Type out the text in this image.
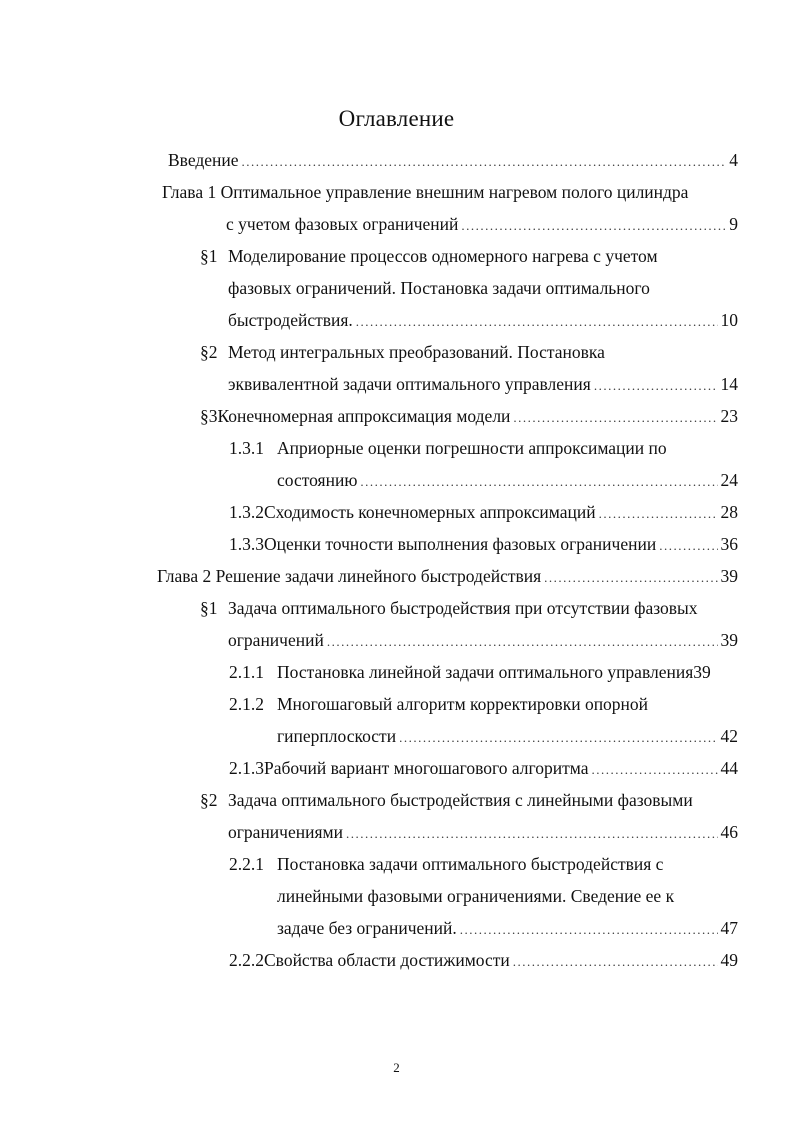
Оглавление
Введение .....	4
Глава 1 Оптимальное управление внешним нагревом полого цилиндра
с учетом фазовых ограничений .....	9
§1 Моделирование процессов одномерного нагрева с учетом
фазовых ограничений. Постановка задачи оптимального
быстродействия. .....	10
§2 Метод интегральных преобразований. Постановка
эквивалентной задачи оптимального управления .....	14
§3 Конечномерная аппроксимация модели .....	23
1.3.1 Априорные оценки погрешности аппроксимации по
состоянию .....	24
1.3.2 Сходимость конечномерных аппроксимаций .....	28
1.3.3 Оценки точности выполнения фазовых ограничении .....	36
Глава 2 Решение задачи линейного быстродействия .....	39
§1 Задача оптимального быстродействия при отсутствии фазовых
ограничений .....	39
2.1.1 Постановка линейной задачи оптимального управления39
2.1.2 Многошаговый алгоритм корректировки опорной
гиперплоскости .....	42
2.1.3 Рабочий вариант многошагового алгоритма .....	44
§2 Задача оптимального быстродействия с линейными фазовыми
ограничениями .....	46
2.2.1 Постановка задачи оптимального быстродействия с
линейными фазовыми ограничениями. Сведение ее к
задаче без ограничений. .....	47
2.2.2 Свойства области достижимости .....	49
2
